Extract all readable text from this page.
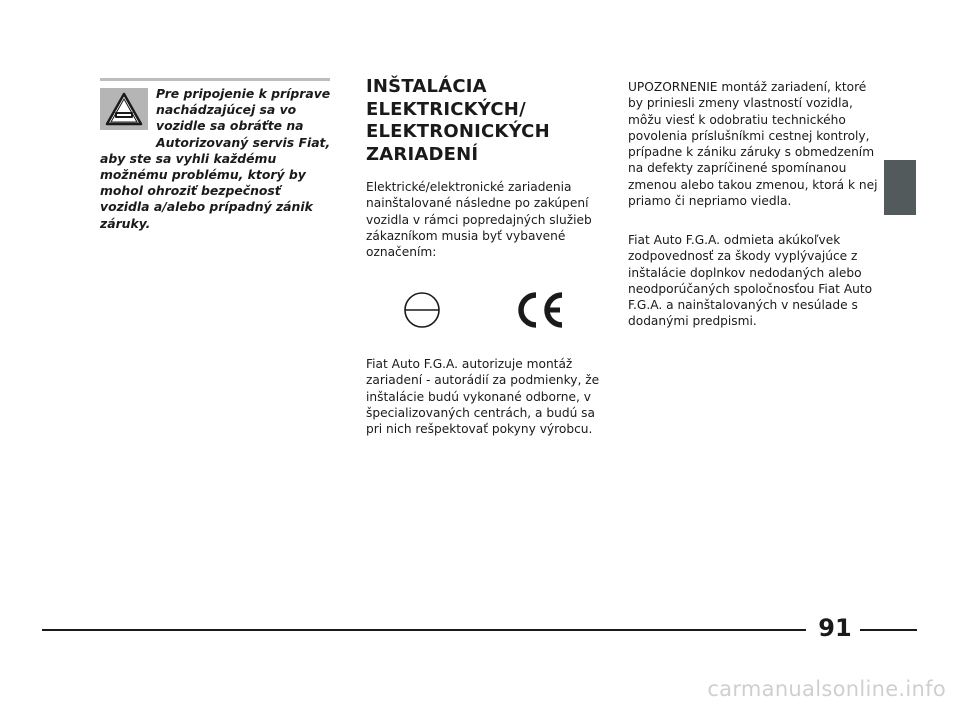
Pre pripojenie k príprave nachádzajúcej sa vo vozidle sa obráťte na Autorizovaný servis Fiat, aby ste sa vyhli každému možnému problému, ktorý by mohol ohroziť bezpečnosť vozidla a/alebo prípadný zánik záruky.
INŠTALÁCIA ELEKTRICKÝCH/ ELEKTRONICKÝCH ZARIADENÍ

Elektrické/elektronické zariadenia nainštalované následne po zakúpení vozidla v rámci popredajných služieb zákazníkom musia byť vybavené označením:

Fiat Auto F.G.A. autorizuje montáž zariadení - autorádií za podmienky, že inštalácie budú vykonané odborne, v špecializovaných centrách, a budú sa pri nich rešpektovať pokyny výrobcu.

UPOZORNENIE montáž zariadení, ktoré by priniesli zmeny vlastností vozidla, môžu viesť k odobratiu technického povolenia príslušníkmi cestnej kontroly, prípadne k zániku záruky s obmedzením na defekty zapríčinené spomínanou zmenou alebo takou zmenou, ktorá k nej priamo či nepriamo viedla.

Fiat Auto F.G.A. odmieta akúkoľvek zodpovednosť za škody vyplývajúce z inštalácie doplnkov nedodaných alebo neodporúčaných spoločnosťou Fiat Auto F.G.A. a nainštalovaných v nesúlade s dodanými predpismi.

91
carmanualsonline.info
